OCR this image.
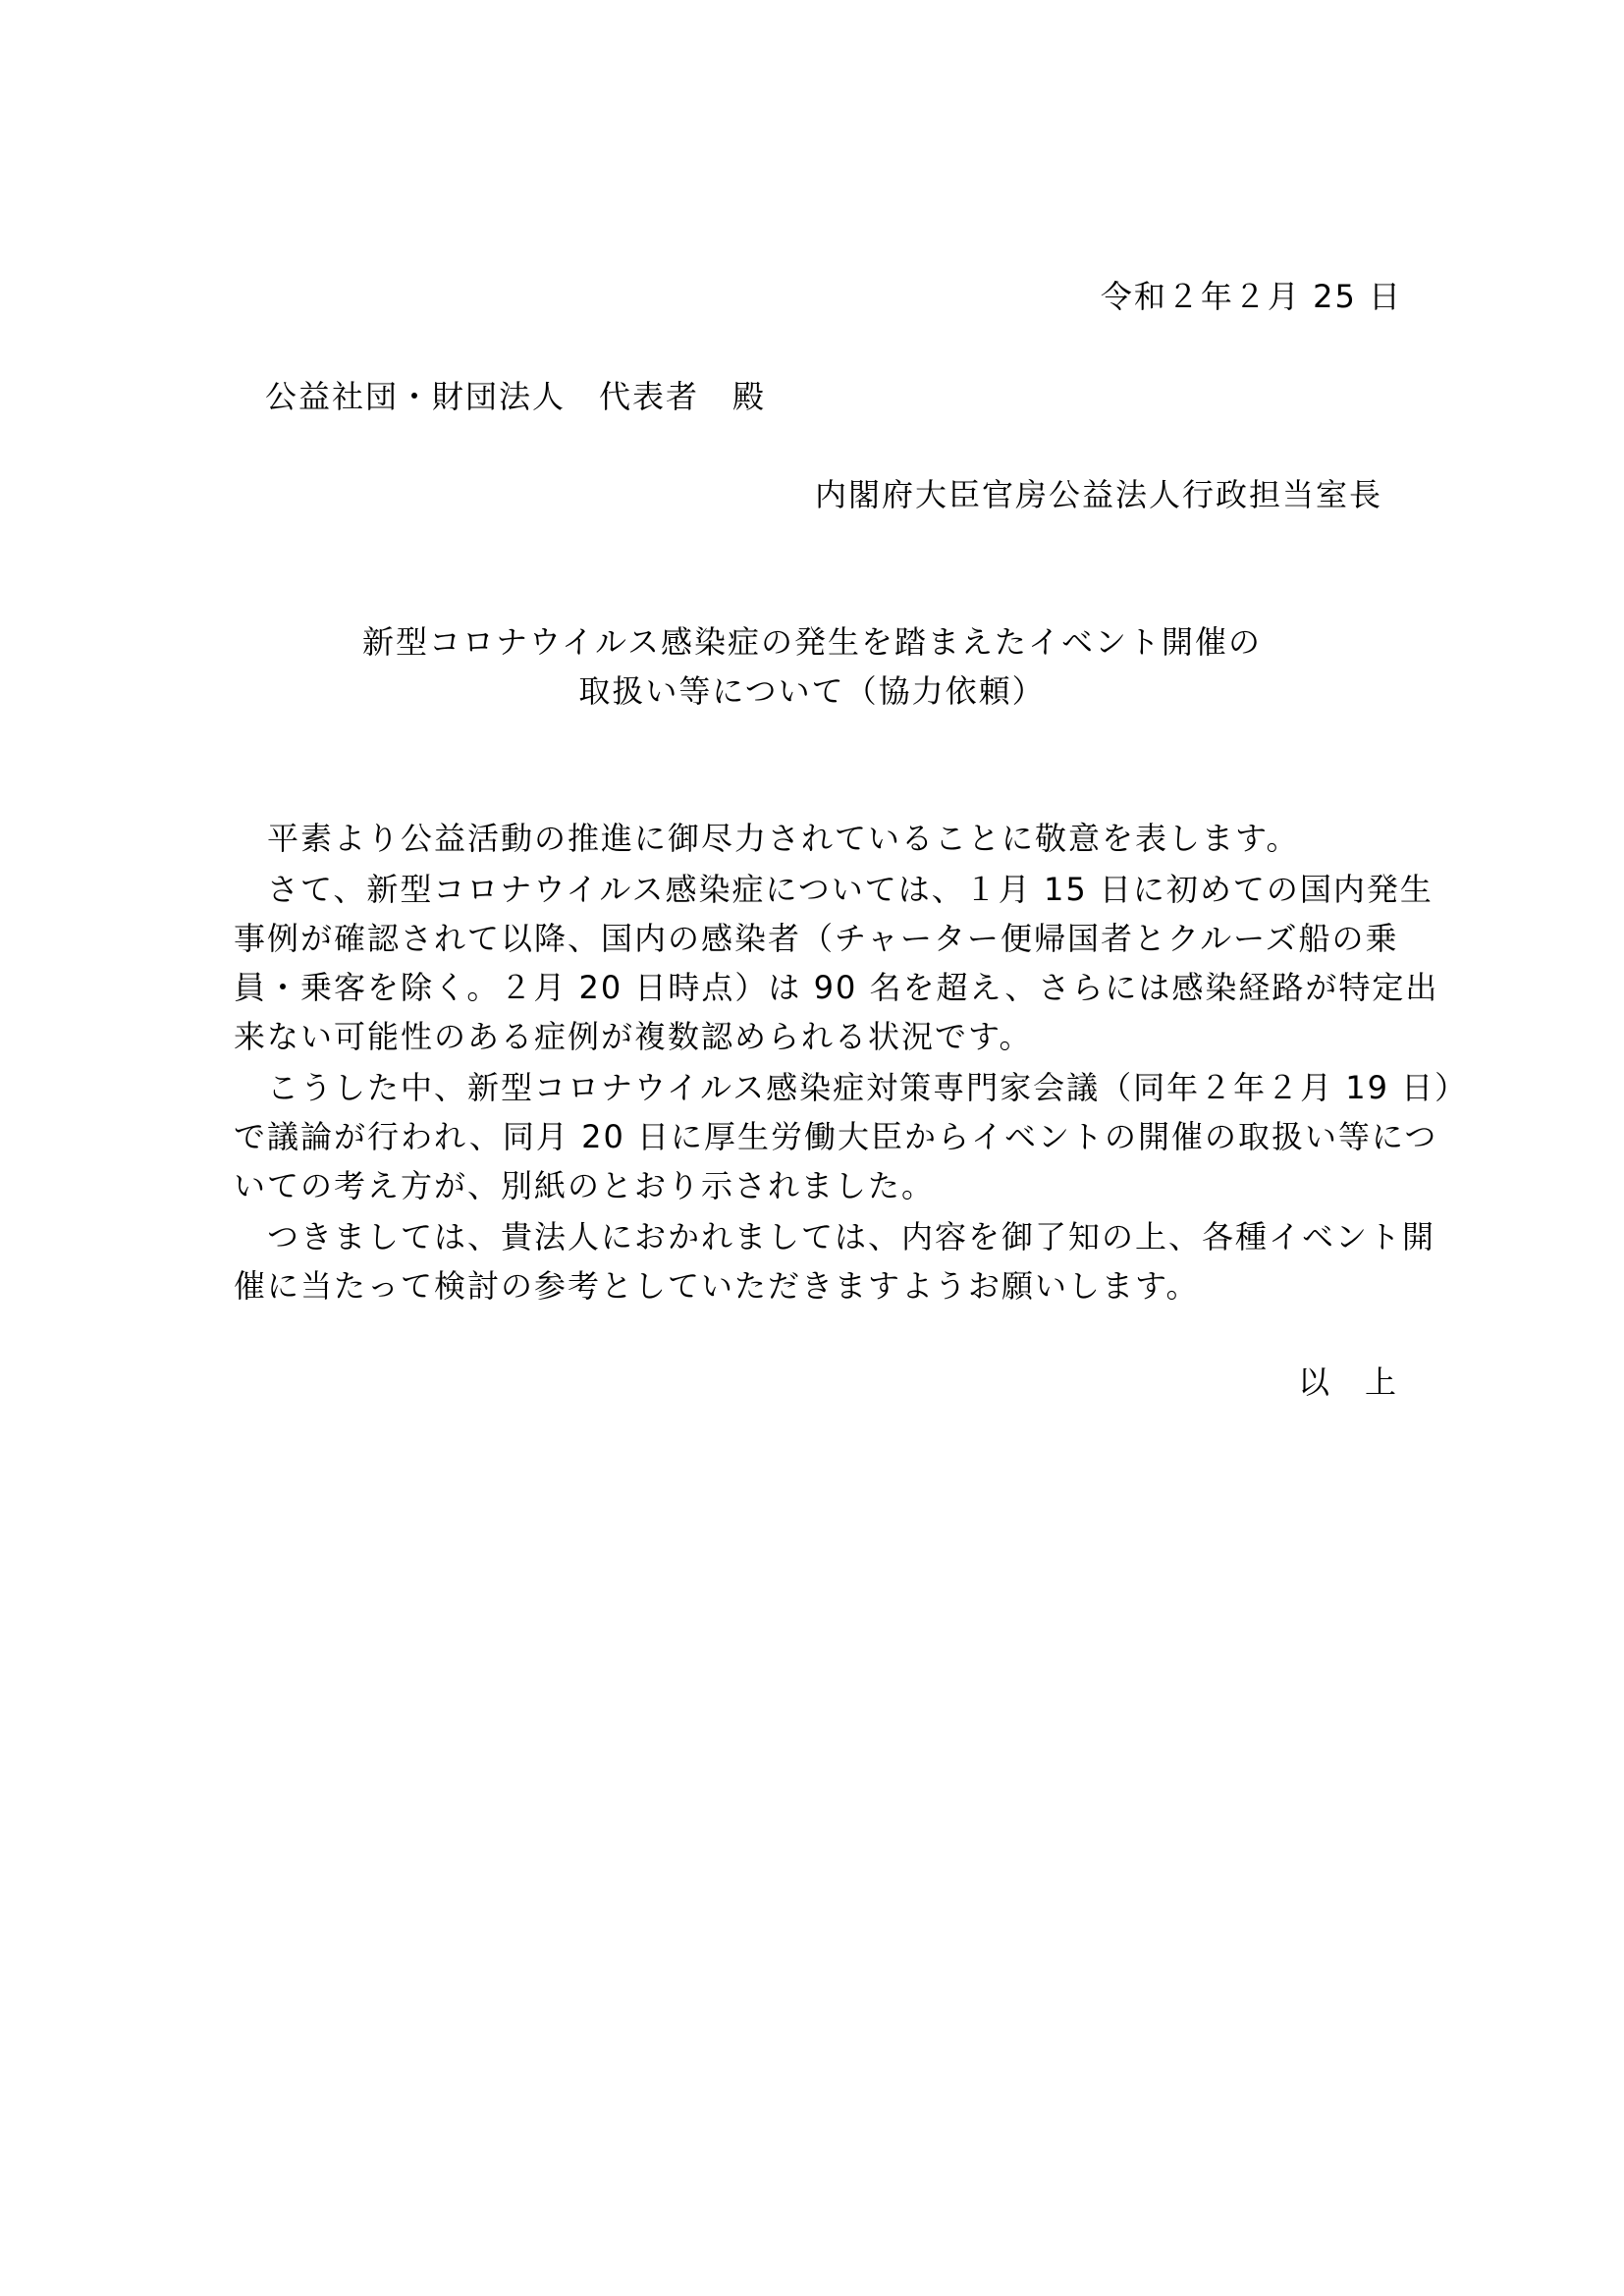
令和２年２月 25 日
公益社団・財団法人　代表者　殿
内閣府大臣官房公益法人行政担当室長
新型コロナウイルス感染症の発生を踏まえたイベント開催の
取扱い等について（協力依頼）
　平素より公益活動の推進に御尽力されていることに敬意を表します。
　さて、新型コロナウイルス感染症については、１月 15 日に初めての国内発生
事例が確認されて以降、国内の感染者（チャーター便帰国者とクルーズ船の乗
員・乗客を除く。２月 20 日時点）は 90 名を超え、さらには感染経路が特定出
来ない可能性のある症例が複数認められる状況です。
　こうした中、新型コロナウイルス感染症対策専門家会議（同年２年２月 19 日）
で議論が行われ、同月 20 日に厚生労働大臣からイベントの開催の取扱い等につ
いての考え方が、別紙のとおり示されました。
　つきましては、貴法人におかれましては、内容を御了知の上、各種イベント開
催に当たって検討の参考としていただきますようお願いします。
以　上
